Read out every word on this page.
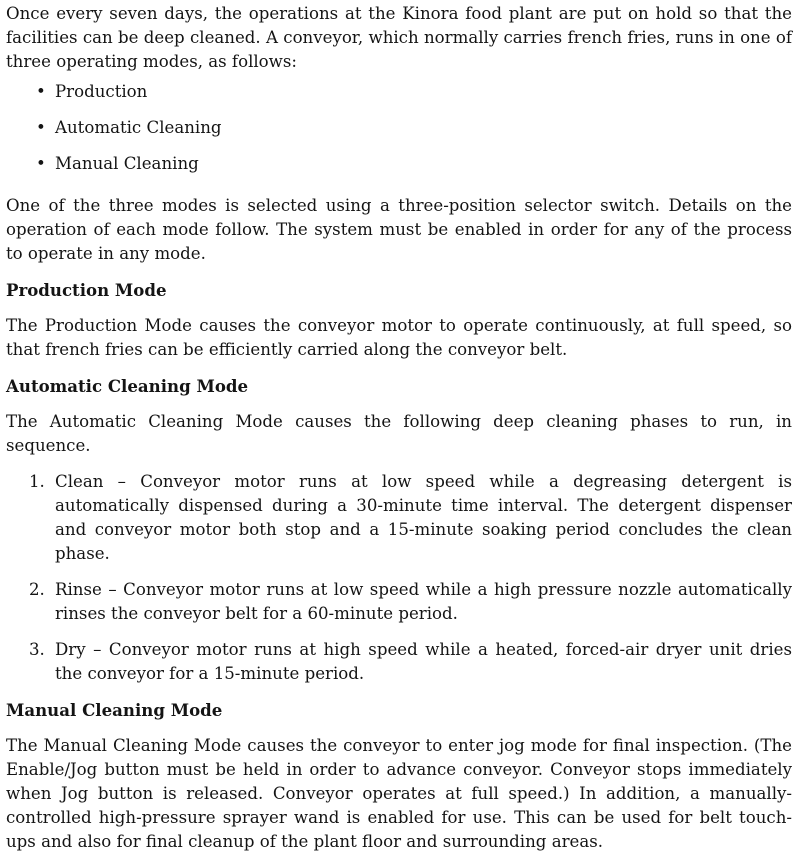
Once every seven days, the operations at the Kinora food plant are put on hold so that the facilities can be deep cleaned. A conveyor, which normally carries french fries, runs in one of three operating modes, as follows:

• Production
• Automatic Cleaning
• Manual Cleaning

One of the three modes is selected using a three-position selector switch. Details on the operation of each mode follow. The system must be enabled in order for any of the process to operate in any mode.

Production Mode

The Production Mode causes the conveyor motor to operate continuously, at full speed, so that french fries can be efficiently carried along the conveyor belt.

Automatic Cleaning Mode

The Automatic Cleaning Mode causes the following deep cleaning phases to run, in sequence.

1. Clean – Conveyor motor runs at low speed while a degreasing detergent is automatically dispensed during a 30-minute time interval. The detergent dispenser and conveyor motor both stop and a 15-minute soaking period concludes the clean phase.
2. Rinse – Conveyor motor runs at low speed while a high pressure nozzle automatically rinses the conveyor belt for a 60-minute period.
3. Dry – Conveyor motor runs at high speed while a heated, forced-air dryer unit dries the conveyor for a 15-minute period.
Manual Cleaning Mode

The Manual Cleaning Mode causes the conveyor to enter jog mode for final inspection. (The Enable/Jog button must be held in order to advance conveyor. Conveyor stops immediately when Jog button is released. Conveyor operates at full speed.) In addition, a manually-controlled high-pressure sprayer wand is enabled for use. This can be used for belt touch-ups and also for final cleanup of the plant floor and surrounding areas.
